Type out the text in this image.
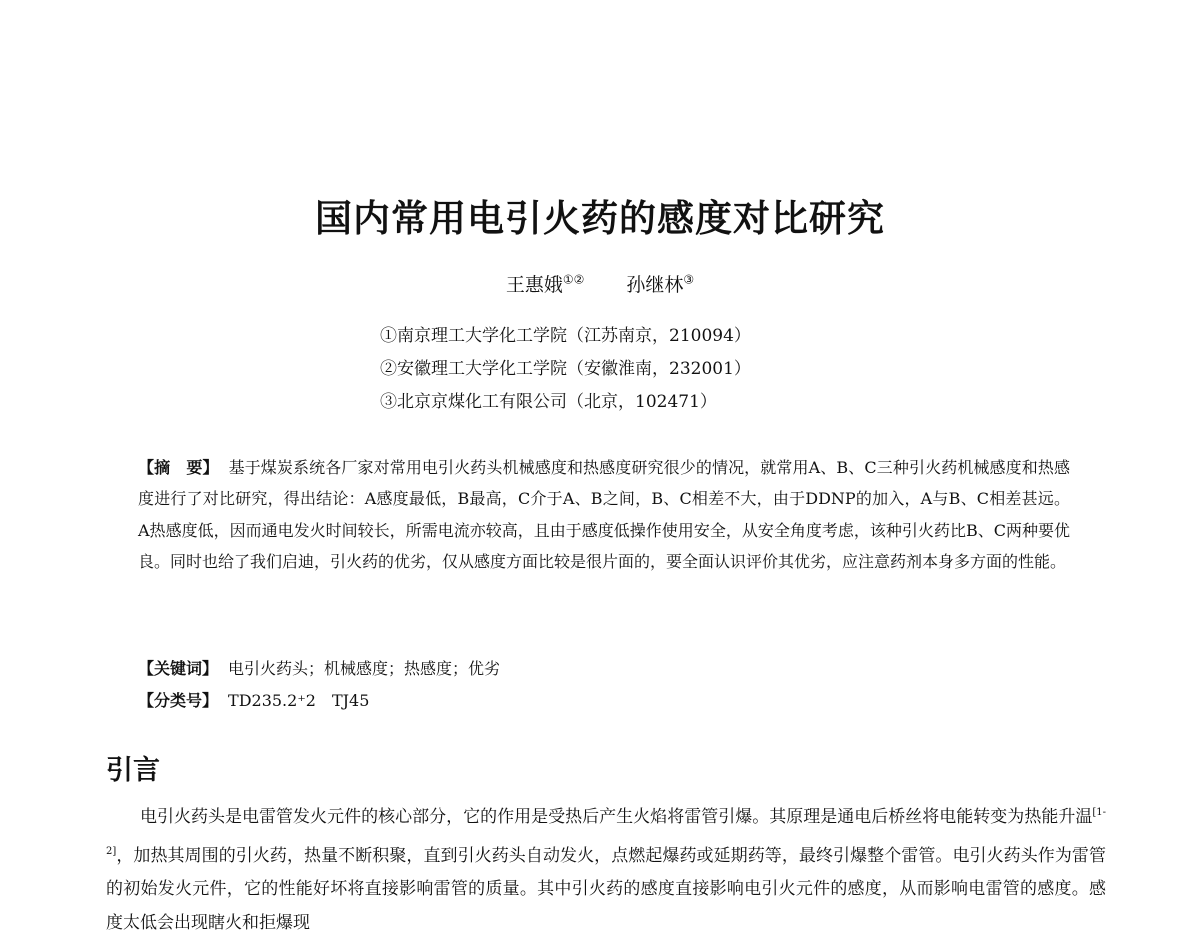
国内常用电引火药的感度对比研究
王惠娥①② 孙继林③
①南京理工大学化工学院（江苏南京，210094）
②安徽理工大学化工学院（安徽淮南，232001）
③北京京煤化工有限公司（北京，102471）
【摘　要】 基于煤炭系统各厂家对常用电引火药头机械感度和热感度研究很少的情况，就常用A、B、C三种引火药机械感度和热感度进行了对比研究，得出结论：A感度最低，B最高，C介于A、B之间，B、C相差不大，由于DDNP的加入，A与B、C相差甚远。A热感度低，因而通电发火时间较长，所需电流亦较高，且由于感度低操作使用安全，从安全角度考虑，该种引火药比B、C两种要优良。同时也给了我们启迪，引火药的优劣，仅从感度方面比较是很片面的，要全面认识评价其优劣，应注意药剂本身多方面的性能。
【关键词】 电引火药头；机械感度；热感度；优劣
【分类号】 TD235.2⁺2　TJ45
引言

电引火药头是电雷管发火元件的核心部分，它的作用是受热后产生火焰将雷管引爆。其原理是通电后桥丝将电能转变为热能升温[1-2]，加热其周围的引火药，热量不断积聚，直到引火药头自动发火，点燃起爆药或延期药等，最终引爆整个雷管。电引火药头作为雷管的初始发火元件，它的性能好坏将直接影响雷管的质量。其中引火药的感度直接影响电引火元件的感度，从而影响电雷管的感度。感度太低会出现瞎火和拒爆现
